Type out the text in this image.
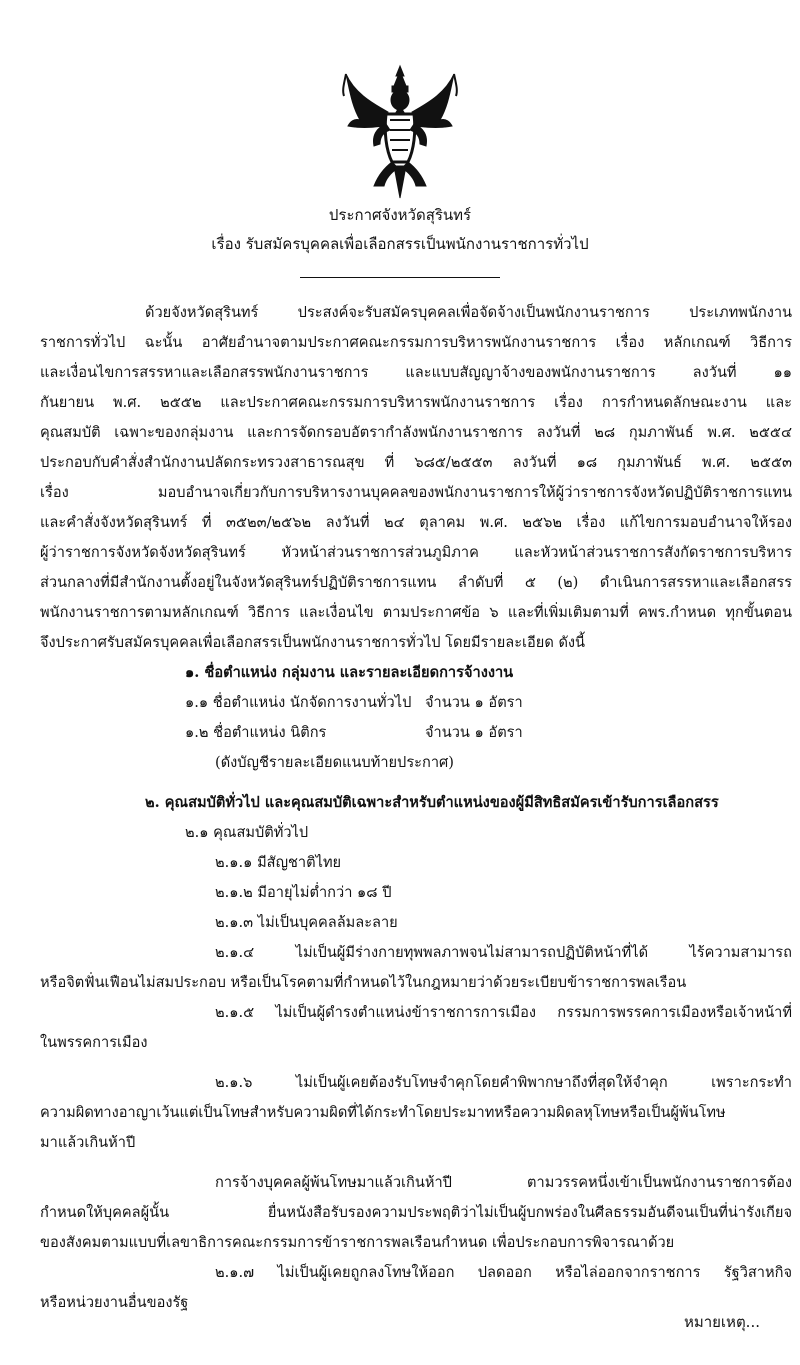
ประกาศจังหวัดสุรินทร์
เรื่อง รับสมัครบุคคลเพื่อเลือกสรรเป็นพนักงานราชการทั่วไป
ด้วยจังหวัดสุรินทร์ ประสงค์จะรับสมัครบุคคลเพื่อจัดจ้างเป็นพนักงานราชการ ประเภทพนักงาน
ราชการทั่วไป ฉะนั้น อาศัยอำนาจตามประกาศคณะกรรมการบริหารพนักงานราชการ เรื่อง หลักเกณฑ์ วิธีการ
และเงื่อนไขการสรรหาและเลือกสรรพนักงานราชการ และแบบสัญญาจ้างของพนักงานราชการ ลงวันที่ ๑๑
กันยายน พ.ศ. ๒๕๕๒ และประกาศคณะกรรมการบริหารพนักงานราชการ เรื่อง การกำหนดลักษณะงาน และ
คุณสมบัติ เฉพาะของกลุ่มงาน และการจัดกรอบอัตรากำลังพนักงานราชการ ลงวันที่ ๒๘ กุมภาพันธ์ พ.ศ. ๒๕๕๔
ประกอบกับคำสั่งสำนักงานปลัดกระทรวงสาธารณสุข ที่ ๖๘๕/๒๕๕๓ ลงวันที่ ๑๘ กุมภาพันธ์ พ.ศ. ๒๕๕๓
เรื่อง มอบอำนาจเกี่ยวกับการบริหารงานบุคคลของพนักงานราชการให้ผู้ว่าราชการจังหวัดปฏิบัติราชการแทน
และคำสั่งจังหวัดสุรินทร์ ที่ ๓๕๒๓/๒๕๖๒ ลงวันที่ ๒๔ ตุลาคม พ.ศ. ๒๕๖๒ เรื่อง แก้ไขการมอบอำนาจให้รอง
ผู้ว่าราชการจังหวัดจังหวัดสุรินทร์ หัวหน้าส่วนราชการส่วนภูมิภาค และหัวหน้าส่วนราชการสังกัดราชการบริหาร
ส่วนกลางที่มีสำนักงานตั้งอยู่ในจังหวัดสุรินทร์ปฏิบัติราชการแทน ลำดับที่ ๕ (๒) ดำเนินการสรรหาและเลือกสรร
พนักงานราชการตามหลักเกณฑ์ วิธีการ และเงื่อนไข ตามประกาศข้อ ๖ และที่เพิ่มเติมตามที่ คพร.กำหนด ทุกขั้นตอน
จึงประกาศรับสมัครบุคคลเพื่อเลือกสรรเป็นพนักงานราชการทั่วไป โดยมีรายละเอียด ดังนี้
๑. ชื่อตำแหน่ง กลุ่มงาน และรายละเอียดการจ้างงาน
๑.๑ ชื่อตำแหน่ง นักจัดการงานทั่วไป จำนวน ๑ อัตรา
๑.๒ ชื่อตำแหน่ง นิติกร	จำนวน ๑ อัตรา
(ดังบัญชีรายละเอียดแนบท้ายประกาศ)
๒. คุณสมบัติทั่วไป และคุณสมบัติเฉพาะสำหรับตำแหน่งของผู้มีสิทธิสมัครเข้ารับการเลือกสรร
๒.๑ คุณสมบัติทั่วไป
๒.๑.๑ มีสัญชาติไทย
๒.๑.๒ มีอายุไม่ต่ำกว่า ๑๘ ปี
๒.๑.๓ ไม่เป็นบุคคลล้มละลาย
๒.๑.๔ ไม่เป็นผู้มีร่างกายทุพพลภาพจนไม่สามารถปฏิบัติหน้าที่ได้ ไร้ความสามารถ
หรือจิตฟั่นเฟือนไม่สมประกอบ หรือเป็นโรคตามที่กำหนดไว้ในกฎหมายว่าด้วยระเบียบข้าราชการพลเรือน
๒.๑.๕ ไม่เป็นผู้ดำรงตำแหน่งข้าราชการการเมือง กรรมการพรรคการเมืองหรือเจ้าหน้าที่
ในพรรคการเมือง
๒.๑.๖ ไม่เป็นผู้เคยต้องรับโทษจำคุกโดยคำพิพากษาถึงที่สุดให้จำคุก เพราะกระทำ
ความผิดทางอาญาเว้นแต่เป็นโทษสำหรับความผิดที่ได้กระทำโดยประมาทหรือความผิดลหุโทษหรือเป็นผู้พ้นโทษ
มาแล้วเกินห้าปี
การจ้างบุคคลผู้พ้นโทษมาแล้วเกินห้าปี ตามวรรคหนึ่งเข้าเป็นพนักงานราชการต้อง
กำหนดให้บุคคลผู้นั้น ยื่นหนังสือรับรองความประพฤติว่าไม่เป็นผู้บกพร่องในศีลธรรมอันดีจนเป็นที่น่ารังเกียจ
ของสังคมตามแบบที่เลขาธิการคณะกรรมการข้าราชการพลเรือนกำหนด เพื่อประกอบการพิจารณาด้วย
๒.๑.๗ ไม่เป็นผู้เคยถูกลงโทษให้ออก ปลดออก หรือไล่ออกจากราชการ รัฐวิสาหกิจ
หรือหน่วยงานอื่นของรัฐ
หมายเหตุ...
